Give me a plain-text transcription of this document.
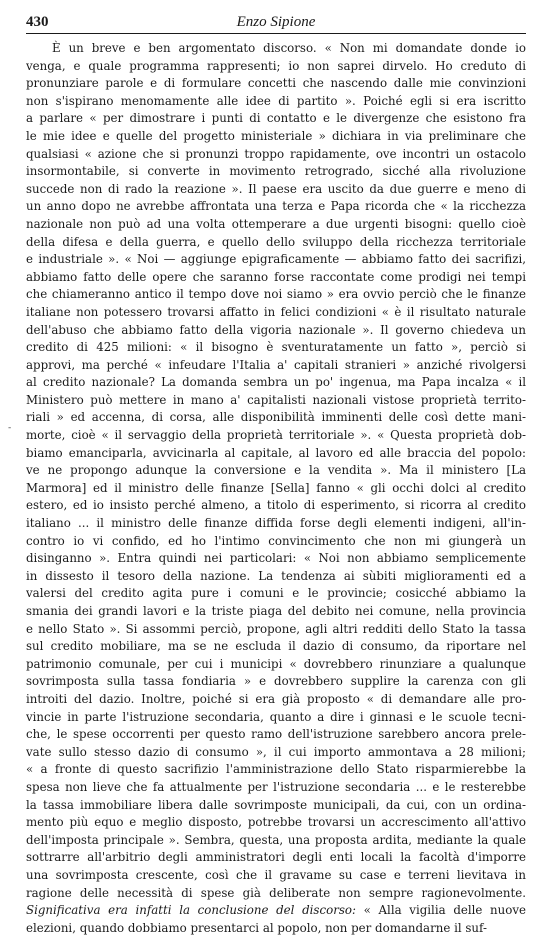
430	Enzo Sipione
-
È un breve e ben argomentato discorso. « Non mi domandate donde io
venga, e quale programma rappresenti; io non saprei dirvelo. Ho creduto di
pronunziare parole e di formulare concetti che nascendo dalle mie convinzioni
non s'ispirano menomamente alle idee di partito ». Poiché egli si era iscritto
a parlare « per dimostrare i punti di contatto e le divergenze che esistono fra
le mie idee e quelle del progetto ministeriale » dichiara in via preliminare che
qualsiasi « azione che si pronunzi troppo rapidamente, ove incontri un ostacolo
insormontabile, si converte in movimento retrogrado, sicché alla rivoluzione
succede non di rado la reazione ». Il paese era uscito da due guerre e meno di
un anno dopo ne avrebbe affrontata una terza e Papa ricorda che « la ricchezza
nazionale non può ad una volta ottemperare a due urgenti bisogni: quello cioè
della difesa e della guerra, e quello dello sviluppo della ricchezza territoriale
e industriale ». « Noi — aggiunge epigraficamente — abbiamo fatto dei sacrifizi,
abbiamo fatto delle opere che saranno forse raccontate come prodigi nei tempi
che chiameranno antico il tempo dove noi siamo » era ovvio perciò che le finanze
italiane non potessero trovarsi affatto in felici condizioni « è il risultato naturale
dell'abuso che abbiamo fatto della vigoria nazionale ». Il governo chiedeva un
credito di 425 milioni: « il bisogno è sventuratamente un fatto », perciò si
approvi, ma perché « infeudare l'Italia a' capitali stranieri » anziché rivolgersi
al credito nazionale? La domanda sembra un po' ingenua, ma Papa incalza « il
Ministero può mettere in mano a' capitalisti nazionali vistose proprietà territo-
riali » ed accenna, di corsa, alle disponibilità imminenti delle così dette mani-
morte, cioè « il servaggio della proprietà territoriale ». « Questa proprietà dob-
biamo emanciparla, avvicinarla al capitale, al lavoro ed alle braccia del popolo:
ve ne propongo adunque la conversione e la vendita ». Ma il ministero [La
Marmora] ed il ministro delle finanze [Sella] fanno « gli occhi dolci al credito
estero, ed io insisto perché almeno, a titolo di esperimento, si ricorra al credito
italiano ... il ministro delle finanze diffida forse degli elementi indigeni, all'in-
contro io vi confido, ed ho l'intimo convincimento che non mi giungerà un
disinganno ». Entra quindi nei particolari: « Noi non abbiamo semplicemente
in dissesto il tesoro della nazione. La tendenza ai sùbiti miglioramenti ed a
valersi del credito agita pure i comuni e le provincie; cosicché abbiamo la
smania dei grandi lavori e la triste piaga del debito nei comune, nella provincia
e nello Stato ». Si assommi perciò, propone, agli altri redditi dello Stato la tassa
sul credito mobiliare, ma se ne escluda il dazio di consumo, da riportare nel
patrimonio comunale, per cui i municipi « dovrebbero rinunziare a qualunque
sovrimposta sulla tassa fondiaria » e dovrebbero supplire la carenza con gli
introiti del dazio. Inoltre, poiché si era già proposto « di demandare alle pro-
vincie in parte l'istruzione secondaria, quanto a dire i ginnasi e le scuole tecni-
che, le spese occorrenti per questo ramo dell'istruzione sarebbero ancora prele-
vate sullo stesso dazio di consumo », il cui importo ammontava a 28 milioni;
« a fronte di questo sacrifizio l'amministrazione dello Stato risparmierebbe la
spesa non lieve che fa attualmente per l'istruzione secondaria ... e le resterebbe
la tassa immobiliare libera dalle sovrimposte municipali, da cui, con un ordina-
mento più equo e meglio disposto, potrebbe trovarsi un accrescimento all'attivo
dell'imposta principale ». Sembra, questa, una proposta ardita, mediante la quale
sottrarre all'arbitrio degli amministratori degli enti locali la facoltà d'imporre
una sovrimposta crescente, così che il gravame su case e terreni lievitava in
ragione delle necessità di spese già deliberate non sempre ragionevolmente.
Significativa era infatti la conclusione del discorso: « Alla vigilia delle nuove
elezioni, quando dobbiamo presentarci al popolo, non per domandarne il suf-
